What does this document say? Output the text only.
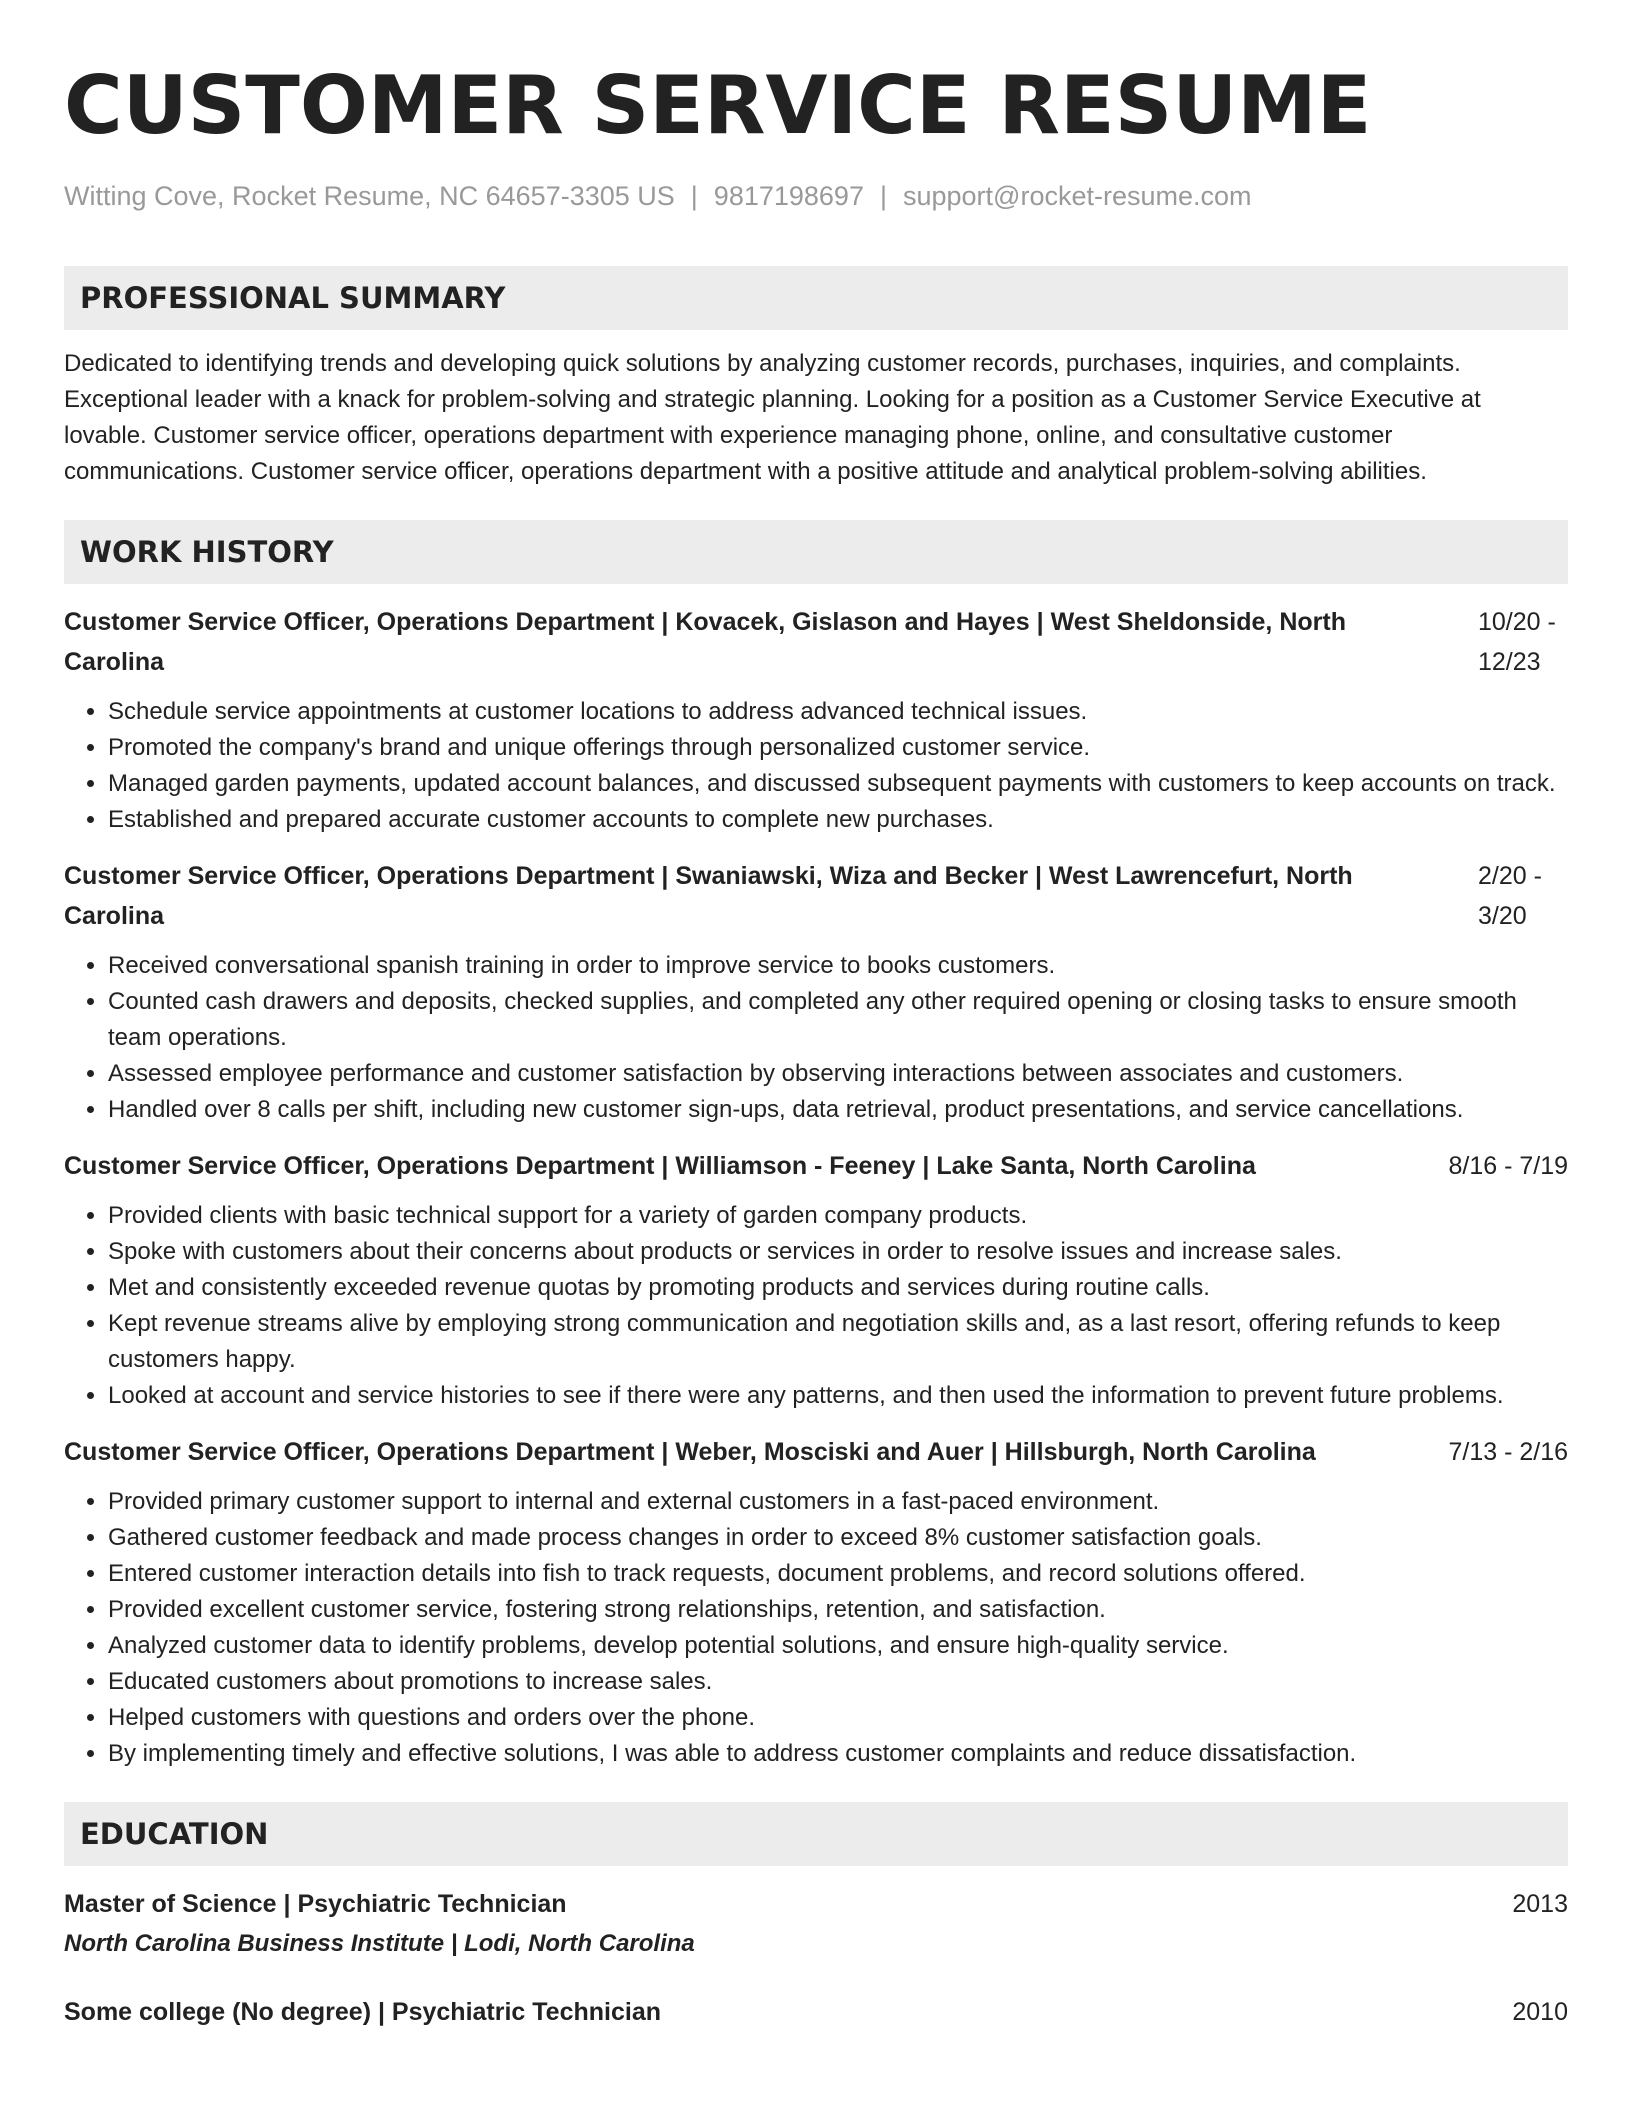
CUSTOMER SERVICE RESUME
Witting Cove, Rocket Resume, NC 64657-3305 US | 9817198697 | support@rocket-resume.com
PROFESSIONAL SUMMARY
Dedicated to identifying trends and developing quick solutions by analyzing customer records, purchases, inquiries, and complaints. Exceptional leader with a knack for problem-solving and strategic planning. Looking for a position as a Customer Service Executive at lovable. Customer service officer, operations department with experience managing phone, online, and consultative customer communications. Customer service officer, operations department with a positive attitude and analytical problem-solving abilities.
WORK HISTORY
Customer Service Officer, Operations Department | Kovacek, Gislason and Hayes | West Sheldonside, North Carolina
10/20 - 12/23
• Schedule service appointments at customer locations to address advanced technical issues.
• Promoted the company's brand and unique offerings through personalized customer service.
• Managed garden payments, updated account balances, and discussed subsequent payments with customers to keep accounts on track.
• Established and prepared accurate customer accounts to complete new purchases.
Customer Service Officer, Operations Department | Swaniawski, Wiza and Becker | West Lawrencefurt, North Carolina
2/20 - 3/20
• Received conversational spanish training in order to improve service to books customers.
• Counted cash drawers and deposits, checked supplies, and completed any other required opening or closing tasks to ensure smooth team operations.
• Assessed employee performance and customer satisfaction by observing interactions between associates and customers.
• Handled over 8 calls per shift, including new customer sign-ups, data retrieval, product presentations, and service cancellations.
Customer Service Officer, Operations Department | Williamson - Feeney | Lake Santa, North Carolina	8/16 - 7/19
• Provided clients with basic technical support for a variety of garden company products.
• Spoke with customers about their concerns about products or services in order to resolve issues and increase sales.
• Met and consistently exceeded revenue quotas by promoting products and services during routine calls.
• Kept revenue streams alive by employing strong communication and negotiation skills and, as a last resort, offering refunds to keep customers happy.
• Looked at account and service histories to see if there were any patterns, and then used the information to prevent future problems.
Customer Service Officer, Operations Department | Weber, Mosciski and Auer | Hillsburgh, North Carolina	7/13 - 2/16
• Provided primary customer support to internal and external customers in a fast-paced environment.
• Gathered customer feedback and made process changes in order to exceed 8% customer satisfaction goals.
• Entered customer interaction details into fish to track requests, document problems, and record solutions offered.
• Provided excellent customer service, fostering strong relationships, retention, and satisfaction.
• Analyzed customer data to identify problems, develop potential solutions, and ensure high-quality service.
• Educated customers about promotions to increase sales.
• Helped customers with questions and orders over the phone.
• By implementing timely and effective solutions, I was able to address customer complaints and reduce dissatisfaction.
EDUCATION
Master of Science | Psychiatric Technician	2013
North Carolina Business Institute | Lodi, North Carolina
Some college (No degree) | Psychiatric Technician	2010
